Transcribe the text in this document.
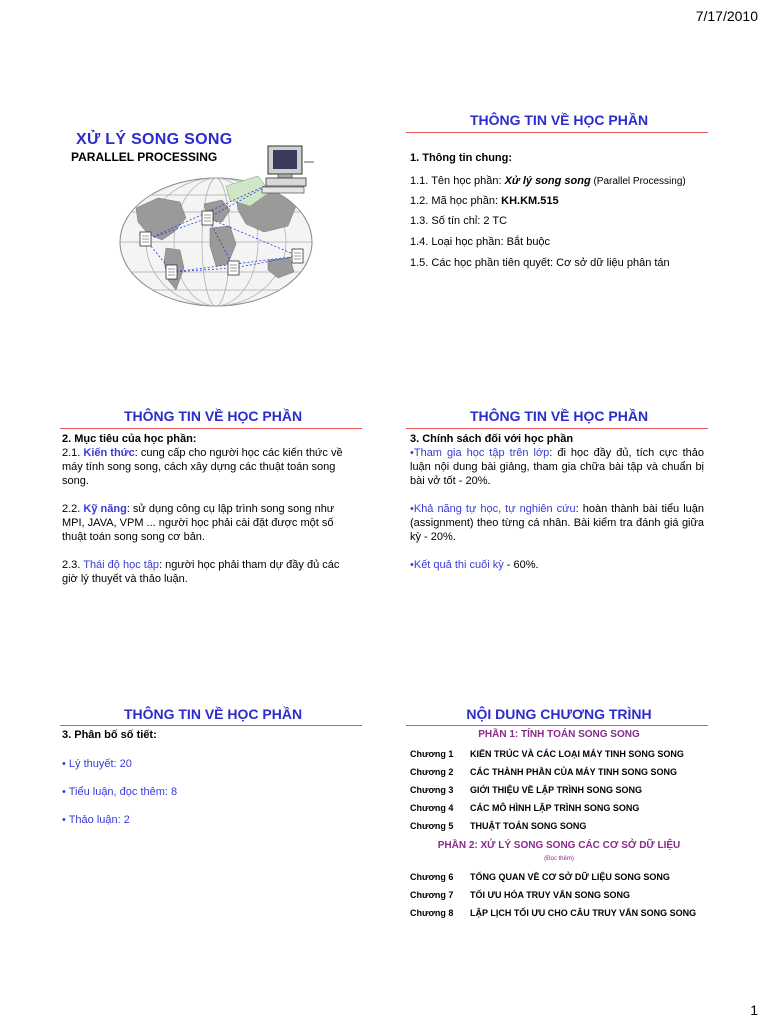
7/17/2010
1
XỬ LÝ SONG SONG
PARALLEL PROCESSING
THÔNG TIN VỀ HỌC PHẦN
1. Thông tin chung:
1.1. Tên học phần: Xử lý song song (Parallel Processing)
1.2. Mã học phần: KH.KM.515
1.3. Số tín chỉ: 2 TC
1.4. Loại học phần: Bắt buộc
1.5. Các học phần tiên quyết: Cơ sở dữ liệu phân tán
THÔNG TIN VỀ HỌC PHẦN
2. Mục tiêu của học phần:
2.1. Kiến thức: cung cấp cho người học các kiến thức về máy tính song song, cách xây dựng các thuật toán song song.
2.2. Kỹ năng: sử dụng công cụ lập trình song song như MPI, JAVA, VPM ... người học phải cài đặt được một số thuật toán song song cơ bản.
2.3. Thái độ học tập: người học phải tham dự đầy đủ các giờ lý thuyết và thảo luận.
THÔNG TIN VỀ HỌC PHẦN
3. Chính sách đối với học phần
•Tham gia học tập trên lớp: đi học đầy đủ, tích cực thảo luận nội dung bài giảng, tham gia chữa bài tập và chuẩn bị bài vở tốt - 20%.
•Khả năng tự học, tự nghiên cứu: hoàn thành bài tiểu luận (assignment) theo từng cá nhân. Bài kiểm tra đánh giá giữa kỳ - 20%.
•Kết quả thi cuối kỳ - 60%.
THÔNG TIN VỀ HỌC PHẦN
3. Phân bố số tiết:
• Lý thuyết: 20
• Tiểu luận, đọc thêm: 8
• Thảo luận: 2
NỘI DUNG CHƯƠNG TRÌNH
PHẦN 1: TÍNH TOÁN SONG SONG
Chương 1 KIẾN TRÚC VÀ CÁC LOẠI MÁY TINH SONG SONG
Chương 2 CÁC THÀNH PHẦN CỦA MÁY TINH SONG SONG
Chương 3 GIỚI THIỆU VỀ LẬP TRÌNH SONG SONG
Chương 4 CÁC MÔ HÌNH LẬP TRÌNH SONG SONG
Chương 5 THUẬT TOÁN SONG SONG
PHẦN 2: XỬ LÝ SONG SONG CÁC CƠ SỞ DỮ LIỆU
(Đọc thêm)
Chương 6 TỔNG QUAN VỀ CƠ SỞ DỮ LIỆU SONG SONG
Chương 7 TỐI ƯU HÓA TRUY VẤN SONG SONG
Chương 8 LẬP LỊCH TỐI ƯU CHO CÂU TRUY VẤN SONG SONG
